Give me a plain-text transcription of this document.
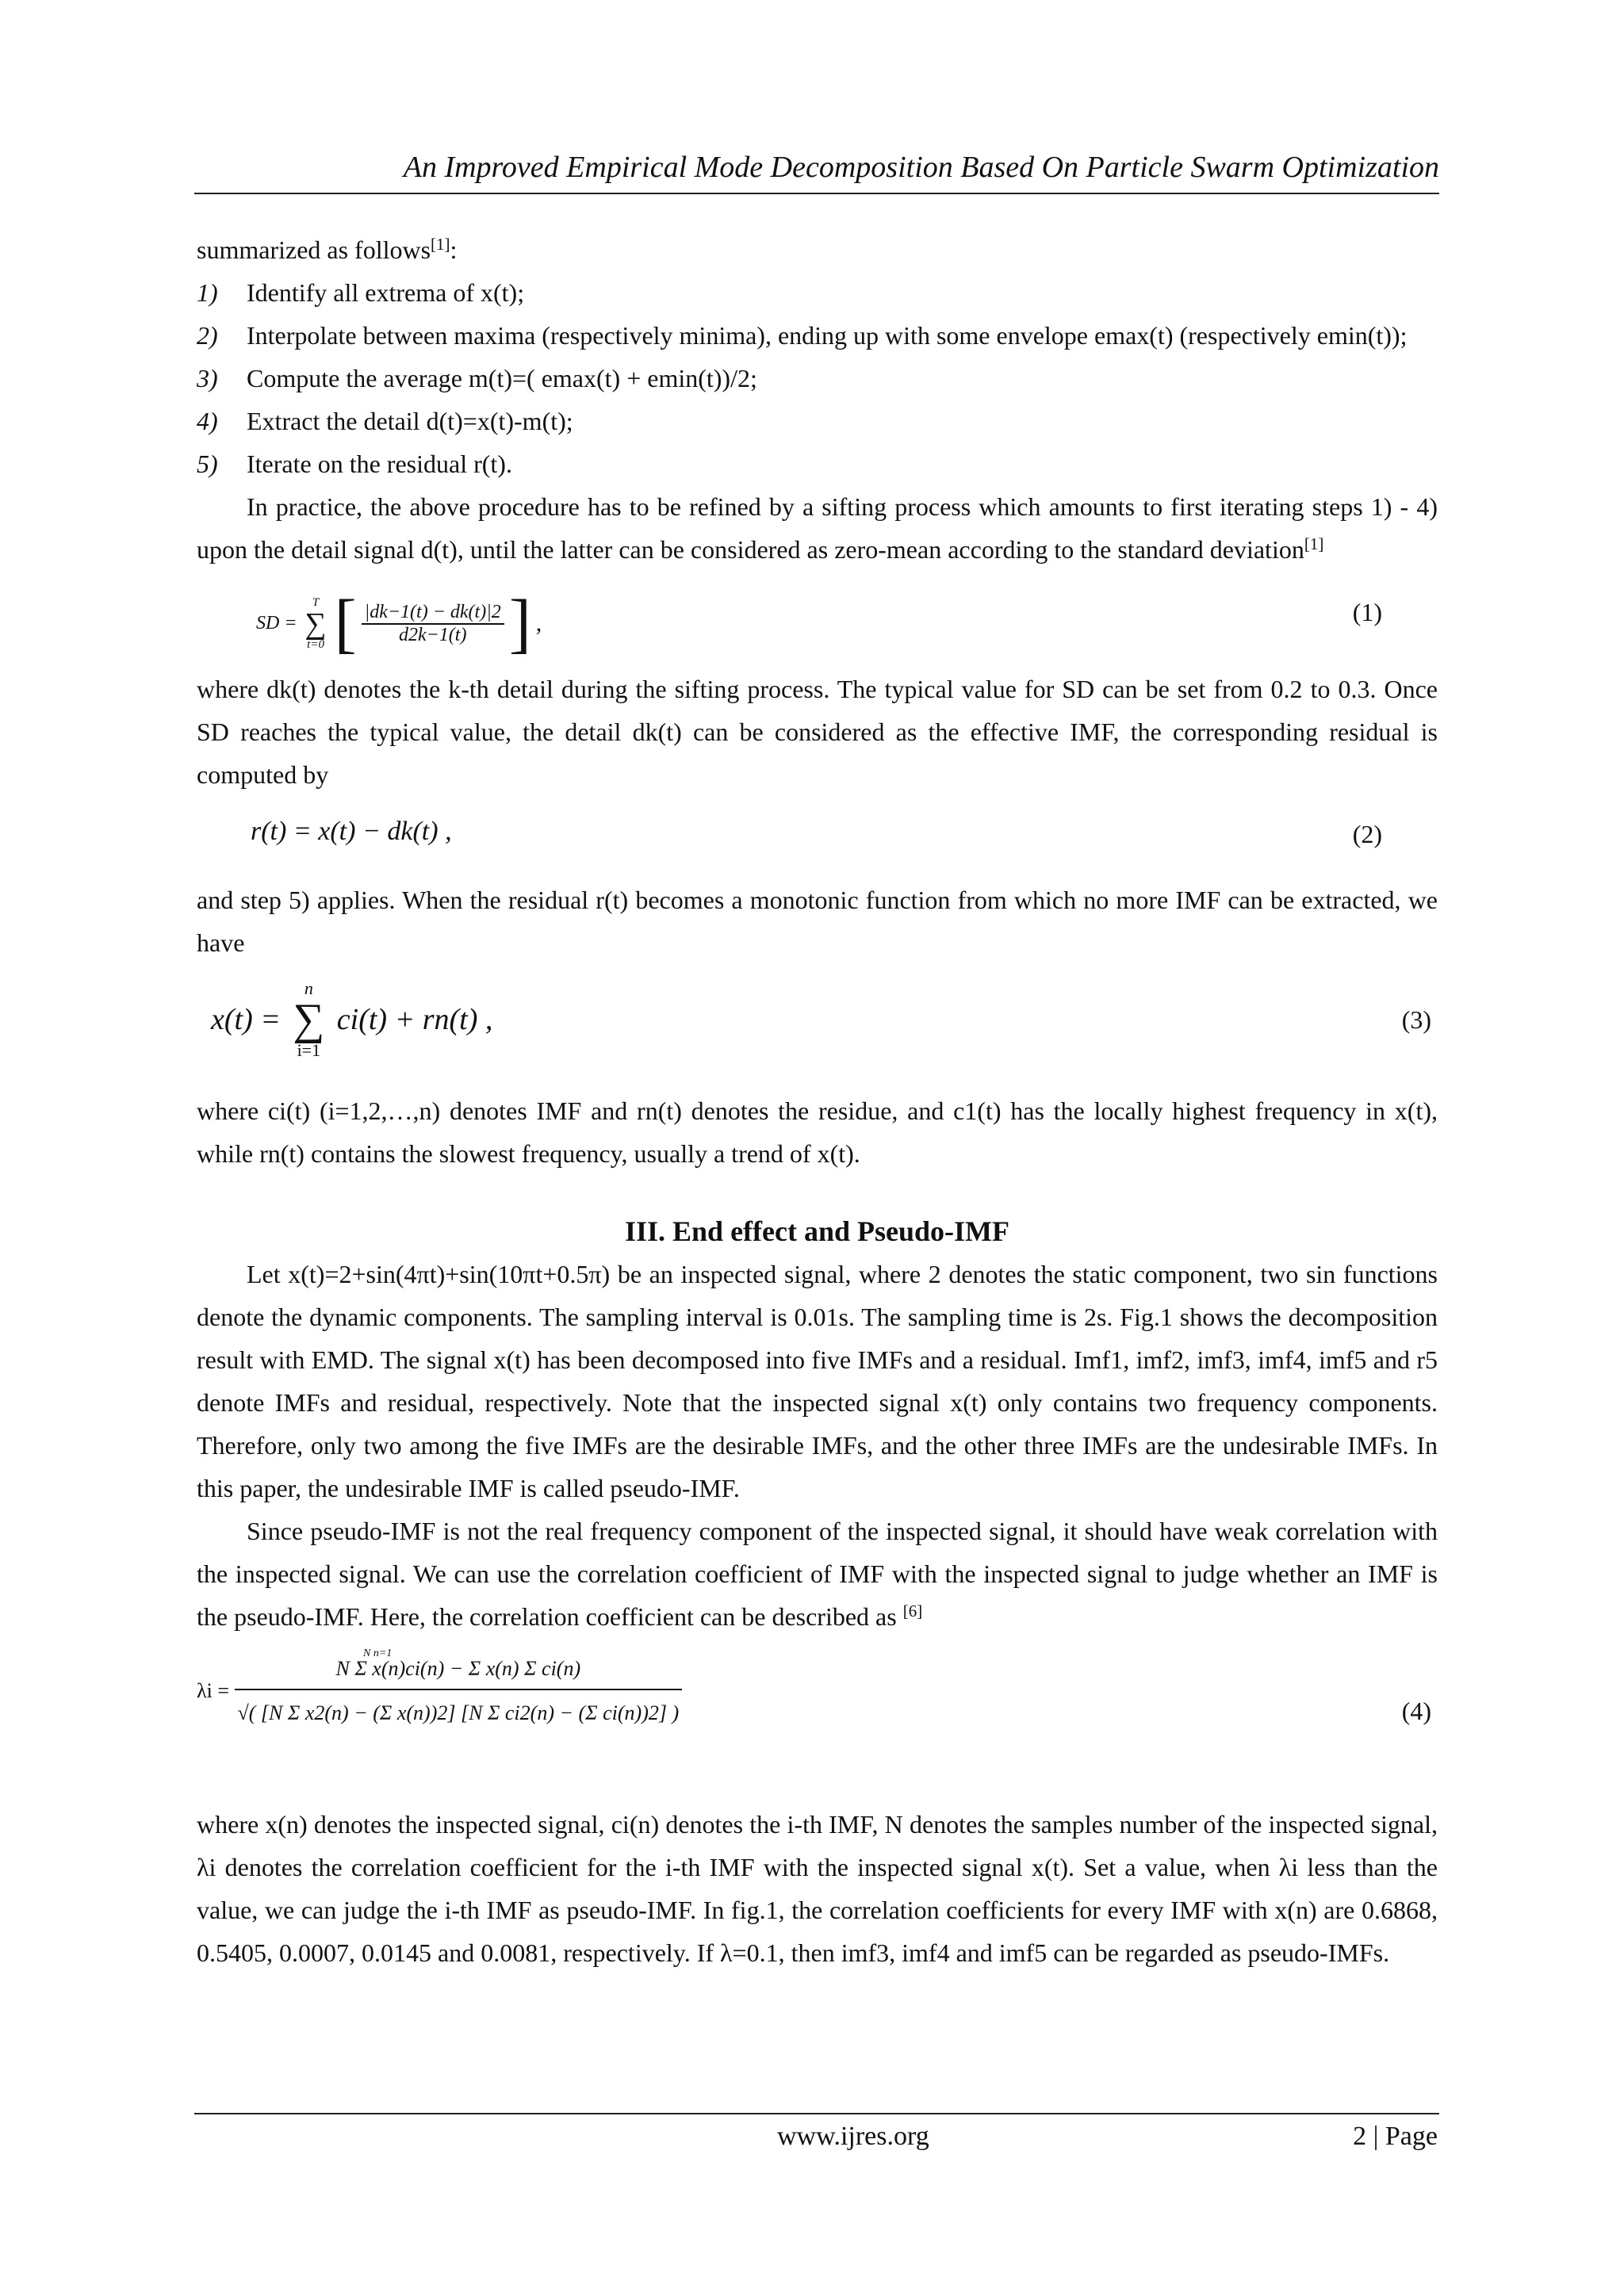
An Improved Empirical Mode Decomposition Based On Particle Swarm Optimization

summarized as follows[1]:

1) Identify all extrema of x(t);
2) Interpolate between maxima (respectively minima), ending up with some envelope emax(t) (respectively emin(t));
3) Compute the average m(t)=( emax(t) + emin(t))/2;
4) Extract the detail d(t)=x(t)-m(t);
5) Iterate on the residual r(t).

In practice, the above procedure has to be refined by a sifting process which amounts to first iterating steps 1) - 4) upon the detail signal d(t), until the latter can be considered as zero-mean according to the standard deviation[1]

SD =
T
∑
t=0 [ $\frac{|dk-1(t) - dk(t)|2}{d2k-1(t)}$ ] ,	(1)

where dk(t) denotes the k-th detail during the sifting process. The typical value for SD can be set from 0.2 to 0.3. Once SD reaches the typical value, the detail dk(t) can be considered as the effective IMF, the corresponding residual is computed by

r(t) = x(t) − dk(t) ,	(2)

and step 5) applies. When the residual r(t) becomes a monotonic function from which no more IMF can be extracted, we have

x(t) =
n
∑
i=1
ci(t) + rn(t) ,	(3)

where ci(t) (i=1,2,…,n) denotes IMF and rn(t) denotes the residue, and c1(t) has the locally highest frequency in x(t), while rn(t) contains the slowest frequency, usually a trend of x(t).

III. End effect and Pseudo-IMF

Let x(t)=2+sin(4πt)+sin(10πt+0.5π) be an inspected signal, where 2 denotes the static component, two sin functions denote the dynamic components. The sampling interval is 0.01s. The sampling time is 2s. Fig.1 shows the decomposition result with EMD. The signal x(t) has been decomposed into five IMFs and a residual. Imf1, imf2, imf3, imf4, imf5 and r5 denote IMFs and residual, respectively. Note that the inspected signal x(t) only contains two frequency components. Therefore, only two among the five IMFs are the desirable IMFs, and the other three IMFs are the undesirable IMFs. In this paper, the undesirable IMF is called pseudo-IMF.

Since pseudo-IMF is not the real frequency component of the inspected signal, it should have weak correlation with the inspected signal. We can use the correlation coefficient of IMF with the inspected signal to judge whether an IMF is the pseudo-IMF. Here, the correlation coefficient can be described as [6]

$\lambda i = \frac{\text{N Σ x(n)ci(n) − Σ x(n) Σ ci(n)}}{\text{√( [N Σ x2(n) − (Σ x(n))2] [N Σ ci2(n) − (Σ ci(n))2] )}}$
N n=1
(4)

where x(n) denotes the inspected signal, ci(n) denotes the i-th IMF, N denotes the samples number of the inspected signal, λi denotes the correlation coefficient for the i-th IMF with the inspected signal x(t). Set a value, when λi less than the value, we can judge the i-th IMF as pseudo-IMF. In fig.1, the correlation coefficients for every IMF with x(n) are 0.6868, 0.5405, 0.0007, 0.0145 and 0.0081, respectively. If λ=0.1, then imf3, imf4 and imf5 can be regarded as pseudo-IMFs.

www.ijres.org	2 | Page
